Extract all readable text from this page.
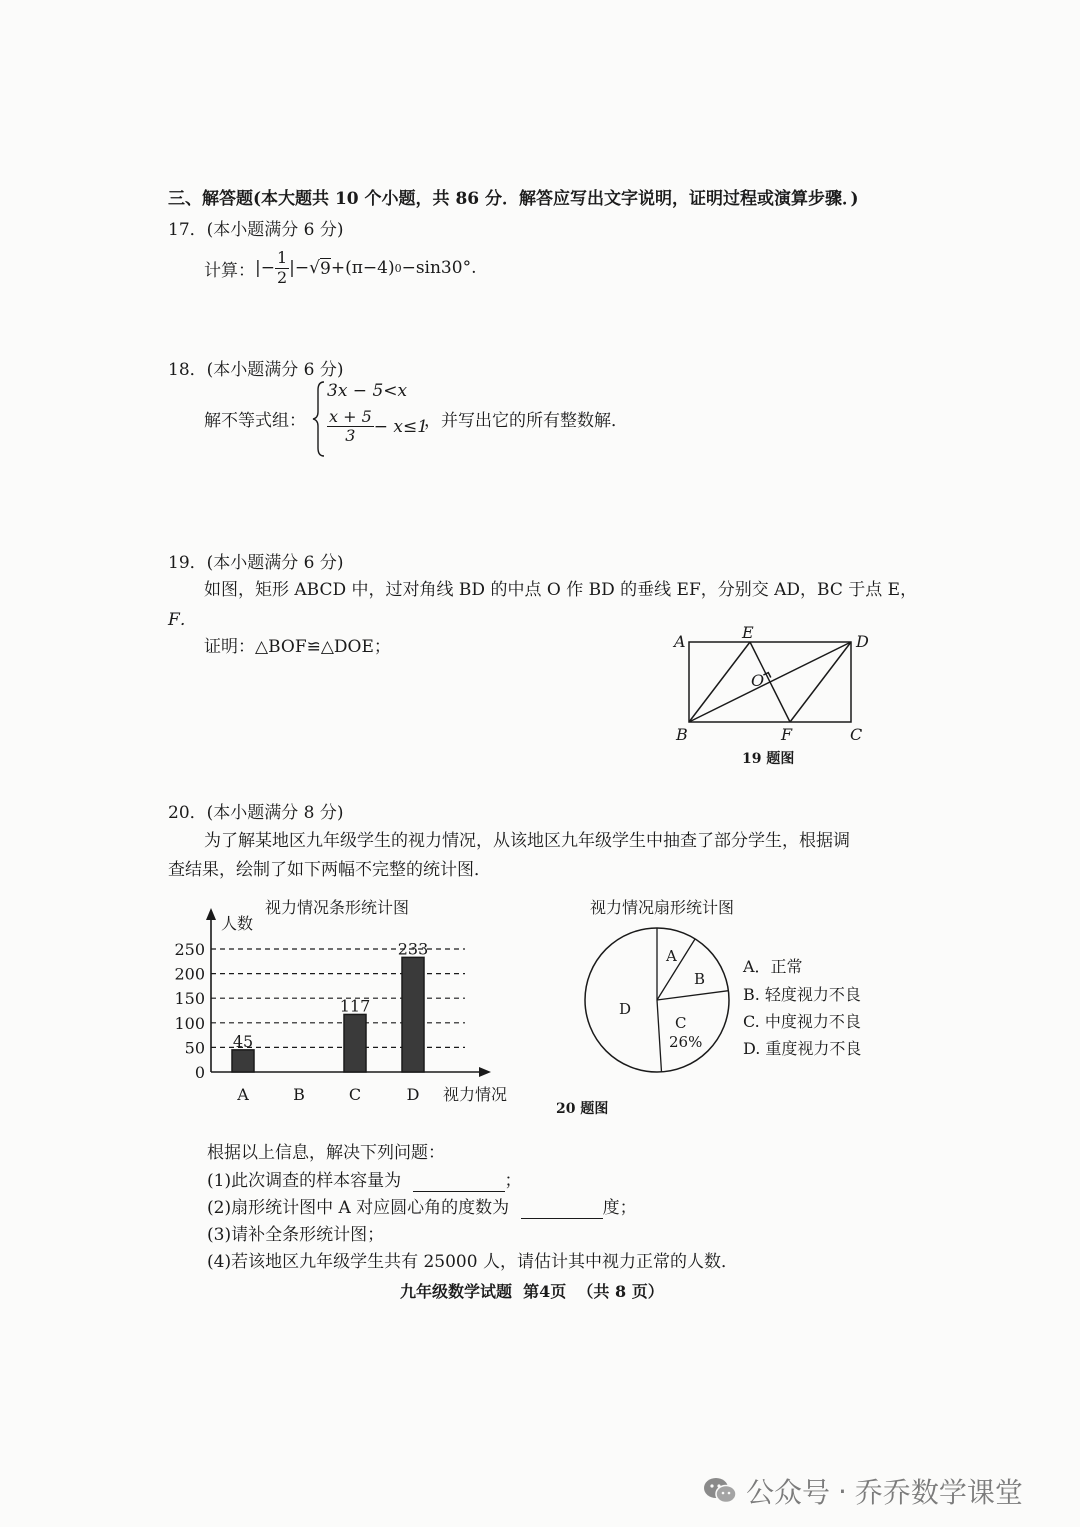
三、解答题(本大题共 10 个小题，共 86 分．解答应写出文字说明，证明过程或演算步骤．)
17．(本小题满分 6 分)
计算： |− $\frac{1}{2}$ |− √ 9 +(π−4) 0 −sin30°.
18．(本小题满分 6 分)
解不等式组：
3x − 5<x
$\frac{x + 5}{3} - x\le 1$
，并写出它的所有整数解．
19．(本小题满分 6 分)
如图，矩形 ABCD 中，过对角线 BD 的中点 O 作 BD 的垂线 EF，分别交 AD，BC 于点 E，
F．
证明：△BOF≌△DOE；	A	E	D
O
B	F	C
19 题图
20．(本小题满分 8 分)
为了解某地区九年级学生的视力情况，从该地区九年级学生中抽查了部分学生，根据调
查结果，绘制了如下两幅不完整的统计图．
0
50
100
150
200
250
45
117
233
A	B	C	D
视力情况条形统计图
人数
视力情况
视力情况扇形统计图
A
B
C
26%
D
A．正常
B. 轻度视力不良
C. 中度视力不良
D. 重度视力不良
20 题图
根据以上信息，解决下列问题：
(1)此次调查的样本容量为	；
(2)扇形统计图中 A 对应圆心角的度数为	度；
(3)请补全条形统计图；
(4)若该地区九年级学生共有 25000 人，请估计其中视力正常的人数．
九年级数学试题  第4页  （共 8 页）
公众号 · 乔乔数学课堂
